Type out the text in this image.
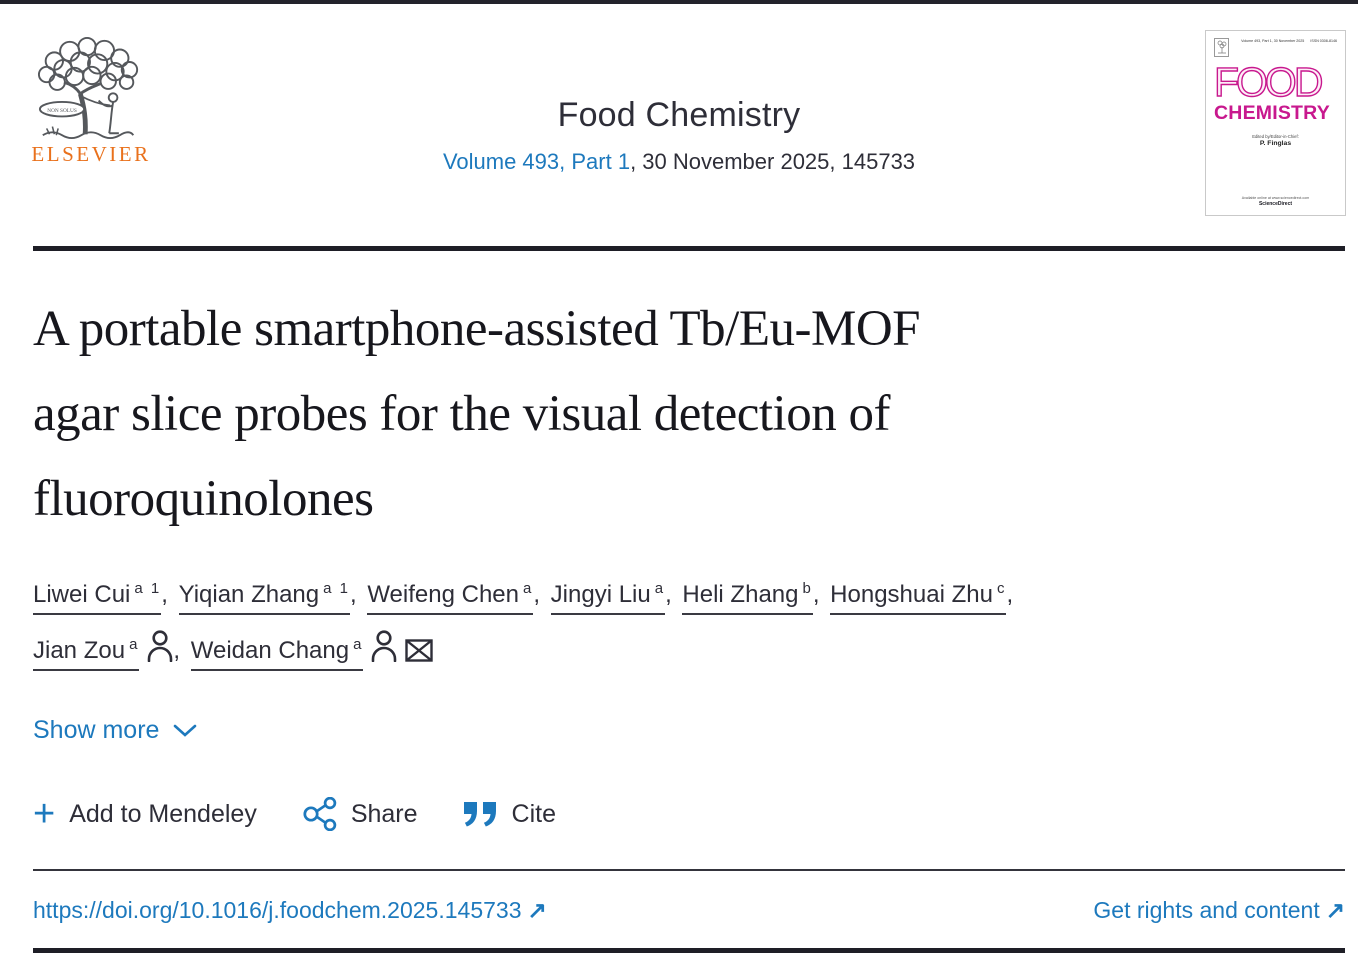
NON SOLUS
ELSEVIER
Food Chemistry
Volume 493, Part 1, 30 November 2025, 145733
Volume 493, Part 1, 30 November 2025 ISSN 0308-8146
FOOD
CHEMISTRY
Edited by/Editor-in-Chief:
P. Finglas
Available online at www.sciencedirect.com
ScienceDirect
A portable smartphone-assisted Tb/Eu-MOF
agar slice probes for the visual detection of
fluoroquinolones
Liwei Cui $^{a 1}$, Yiqian Zhang $^{a 1}$, Weifeng Chen $^a$, Jingyi Liu $^a$, Heli Zhang $^b$, Hongshuai Zhu $^c$,
Jian Zou $^a$ , Weidan Chang $^a$
Show more
+ Add to Mendeley	Share	Cite
https://doi.org/10.1016/j.foodchem.2025.145733 ↗	Get rights and content ↗
